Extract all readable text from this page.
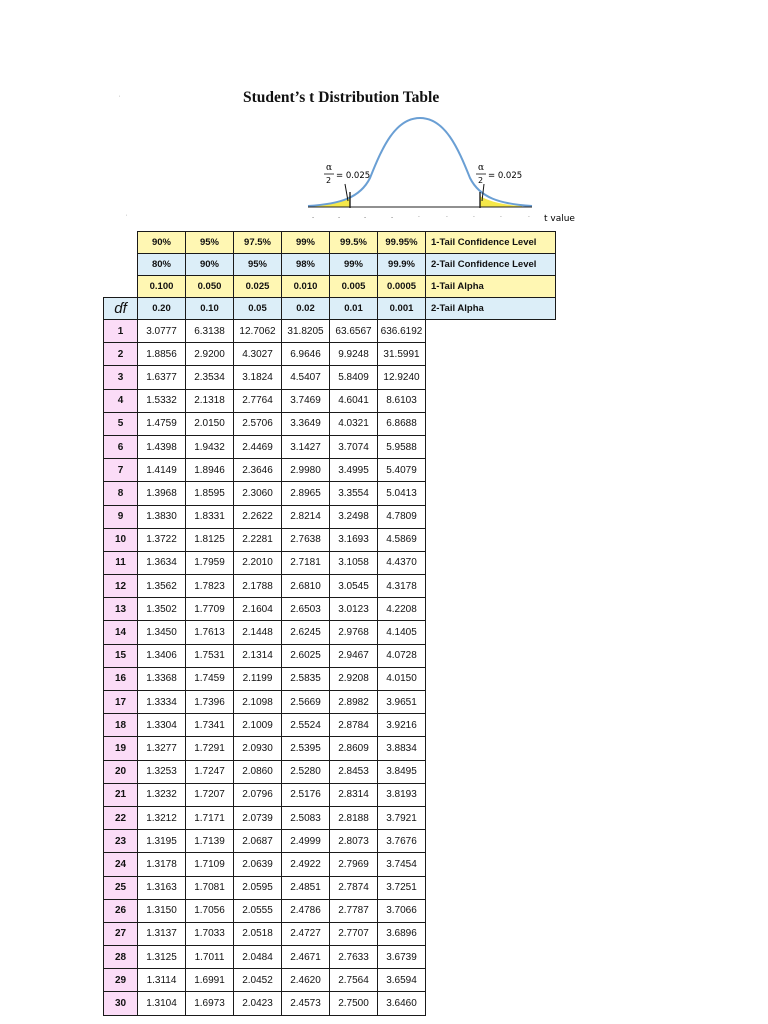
Student’s t Distribution Table
ˈ
ˈ	-	-	-	-	·	·	·	·	·
α
2 = 0.025
α
2 = 0.025
t value
	90%	95%	97.5%	99%	99.5%	99.95%	1-Tail Confidence Level
	80%	90%	95%	98%	99%	99.9%	2-Tail Confidence Level
	0.100	0.050	0.025	0.010	0.005	0.0005	1-Tail Alpha
ɗf	0.20	0.10	0.05	0.02	0.01	0.001	2-Tail Alpha
1	3.0777	6.3138	12.7062	31.8205	63.6567	636.6192	
2	1.8856	2.9200	4.3027	6.9646	9.9248	31.5991	
3	1.6377	2.3534	3.1824	4.5407	5.8409	12.9240	
4	1.5332	2.1318	2.7764	3.7469	4.6041	8.6103	
5	1.4759	2.0150	2.5706	3.3649	4.0321	6.8688	
6	1.4398	1.9432	2.4469	3.1427	3.7074	5.9588	
7	1.4149	1.8946	2.3646	2.9980	3.4995	5.4079	
8	1.3968	1.8595	2.3060	2.8965	3.3554	5.0413	
9	1.3830	1.8331	2.2622	2.8214	3.2498	4.7809	
10	1.3722	1.8125	2.2281	2.7638	3.1693	4.5869	
11	1.3634	1.7959	2.2010	2.7181	3.1058	4.4370	
12	1.3562	1.7823	2.1788	2.6810	3.0545	4.3178	
13	1.3502	1.7709	2.1604	2.6503	3.0123	4.2208	
14	1.3450	1.7613	2.1448	2.6245	2.9768	4.1405	
15	1.3406	1.7531	2.1314	2.6025	2.9467	4.0728	
16	1.3368	1.7459	2.1199	2.5835	2.9208	4.0150	
17	1.3334	1.7396	2.1098	2.5669	2.8982	3.9651	
18	1.3304	1.7341	2.1009	2.5524	2.8784	3.9216	
19	1.3277	1.7291	2.0930	2.5395	2.8609	3.8834	
20	1.3253	1.7247	2.0860	2.5280	2.8453	3.8495	
21	1.3232	1.7207	2.0796	2.5176	2.8314	3.8193	
22	1.3212	1.7171	2.0739	2.5083	2.8188	3.7921	
23	1.3195	1.7139	2.0687	2.4999	2.8073	3.7676	
24	1.3178	1.7109	2.0639	2.4922	2.7969	3.7454	
25	1.3163	1.7081	2.0595	2.4851	2.7874	3.7251	
26	1.3150	1.7056	2.0555	2.4786	2.7787	3.7066	
27	1.3137	1.7033	2.0518	2.4727	2.7707	3.6896	
28	1.3125	1.7011	2.0484	2.4671	2.7633	3.6739	
29	1.3114	1.6991	2.0452	2.4620	2.7564	3.6594	
30	1.3104	1.6973	2.0423	2.4573	2.7500	3.6460	
